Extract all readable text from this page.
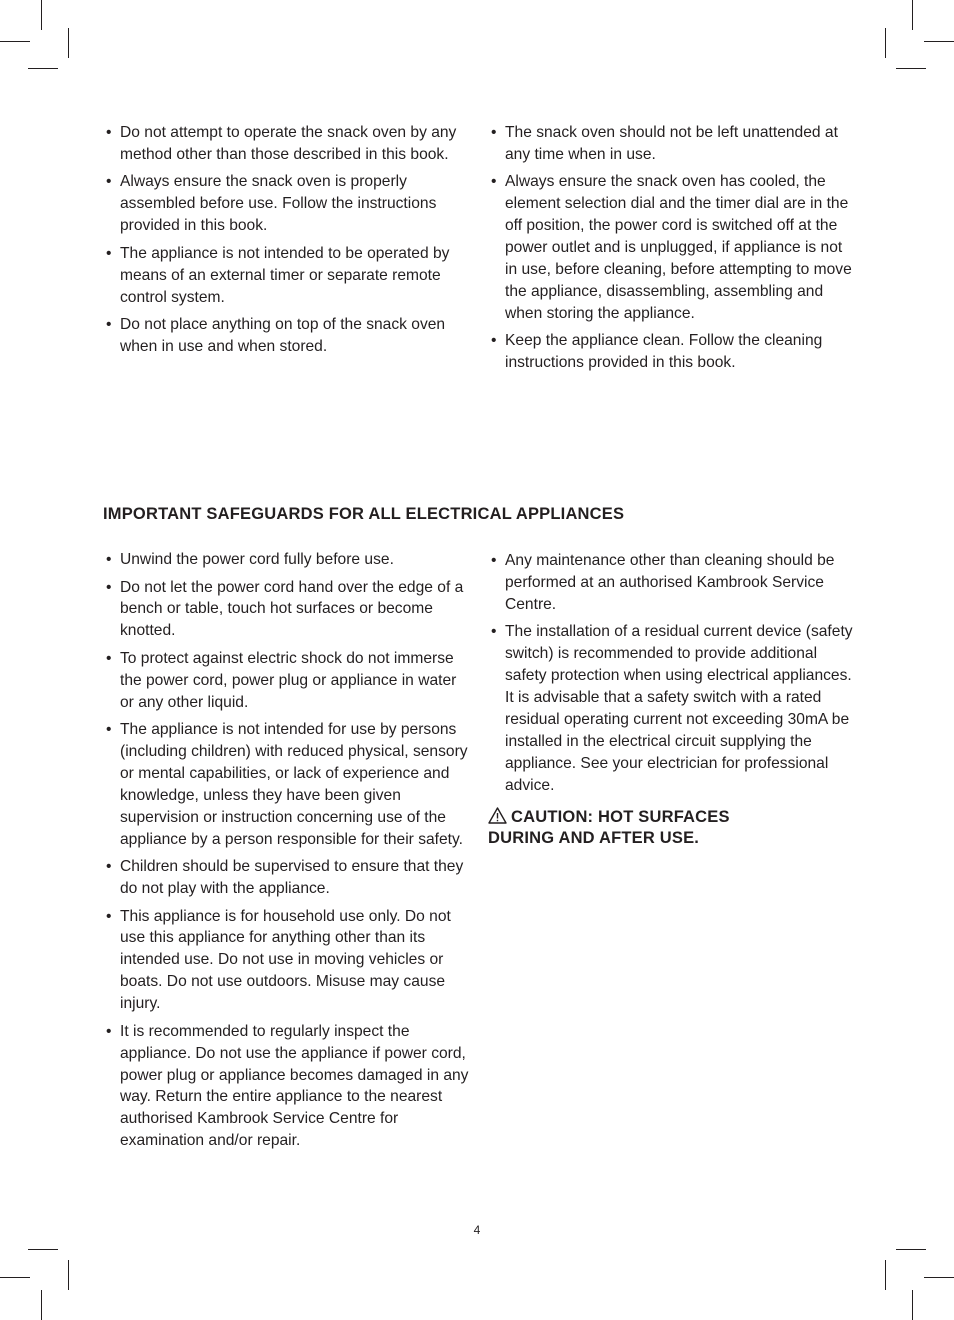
• Do not attempt to operate the snack oven by any method other than those described in this book.
• Always ensure the snack oven is properly assembled before use. Follow the instructions provided in this book.
• The appliance is not intended to be operated by means of an external timer or separate remote control system.
• Do not place anything on top of the snack oven when in use and when stored.
• The snack oven should not be left unattended at any time when in use.
• Always ensure the snack oven has cooled, the element selection dial and the timer dial are in the off position, the power cord is switched off at the power outlet and is unplugged, if appliance is not in use, before cleaning, before attempting to move the appliance, disassembling, assembling and when storing the appliance.
• Keep the appliance clean. Follow the cleaning instructions provided in this book.
IMPORTANT SAFEGUARDS FOR ALL ELECTRICAL APPLIANCES
• Unwind the power cord fully before use.
• Do not let the power cord hand over the edge of a bench or table, touch hot surfaces or become knotted.
• To protect against electric shock do not immerse the power cord, power plug or appliance in water or any other liquid.
• The appliance is not intended for use by persons (including children) with reduced physical, sensory or mental capabilities, or lack of experience and knowledge, unless they have been given supervision or instruction concerning use of the appliance by a person responsible for their safety.
• Children should be supervised to ensure that they do not play with the appliance.
• This appliance is for household use only. Do not use this appliance for anything other than its intended use. Do not use in moving vehicles or boats. Do not use outdoors. Misuse may cause injury.
• It is recommended to regularly inspect the appliance. Do not use the appliance if power cord, power plug or appliance becomes damaged in any way. Return the entire appliance to the nearest authorised Kambrook Service Centre for examination and/or repair.
• Any maintenance other than cleaning should be performed at an authorised Kambrook Service Centre.
• The installation of a residual current device (safety switch) is recommended to provide additional safety protection when using electrical appliances. It is advisable that a safety switch with a rated residual operating current not exceeding 30mA be installed in the electrical circuit supplying the appliance. See your electrician for professional advice.
CAUTION: HOT SURFACES
DURING AND AFTER USE.
4
